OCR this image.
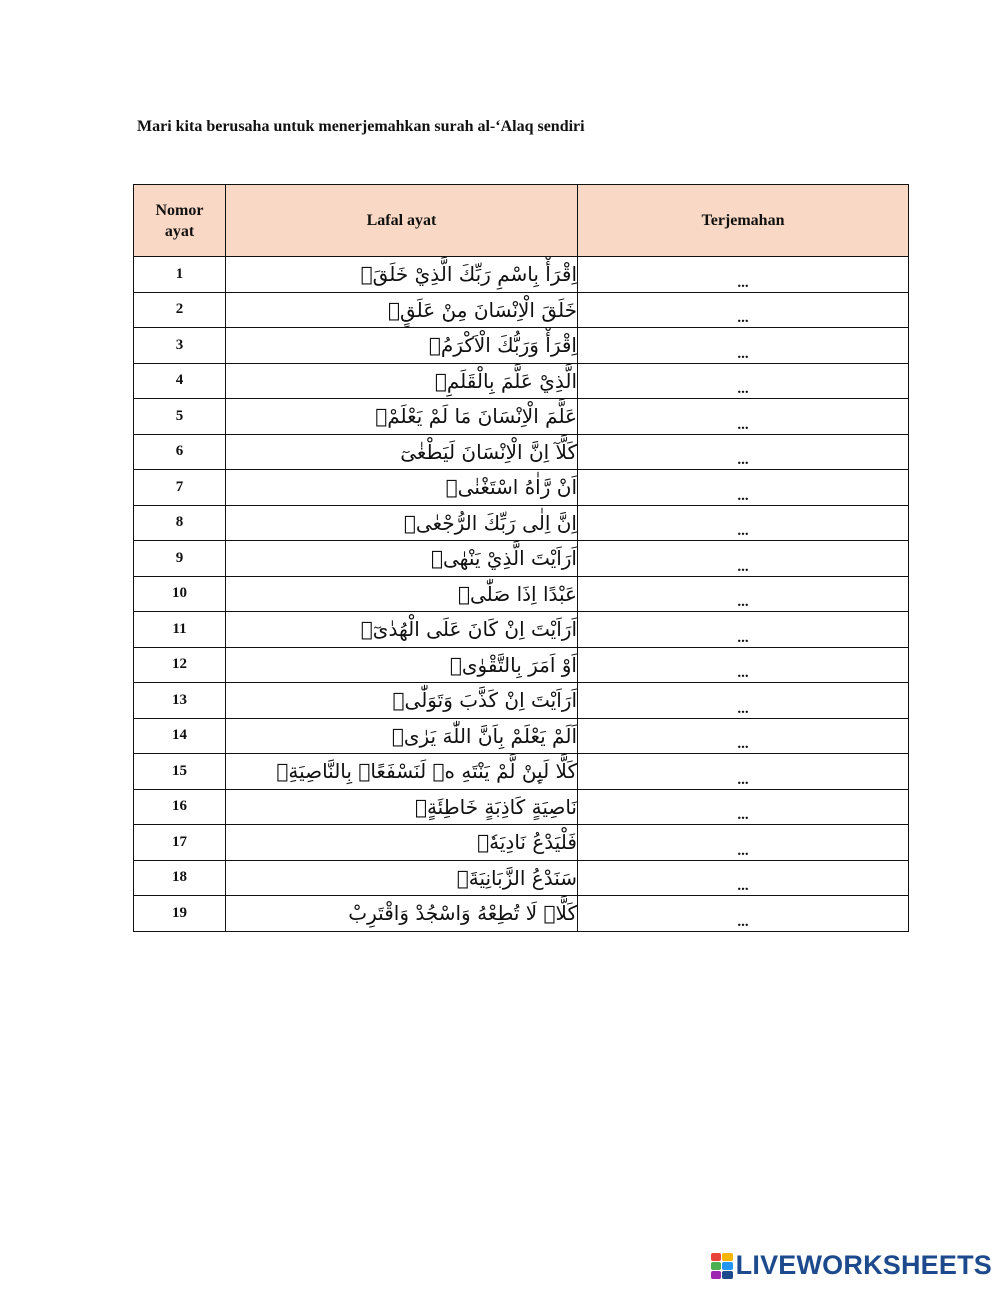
Mari kita berusaha untuk menerjemahkan surah al-‘Alaq sendiri
Nomor
ayat	Lafal ayat	Terjemahan
1	اِقْرَأْ بِاسْمِ رَبِّكَ الَّذِيْ خَلَقَۚ	...
2	خَلَقَ الْاِنْسَانَ مِنْ عَلَقٍۚ	...
3	اِقْرَأْ وَرَبُّكَ الْاَكْرَمُۙ	...
4	الَّذِيْ عَلَّمَ بِالْقَلَمِۙ	...
5	عَلَّمَ الْاِنْسَانَ مَا لَمْ يَعْلَمْۗ	...
6	كَلَّآ اِنَّ الْاِنْسَانَ لَيَطْغٰىٓ	...
7	اَنْ رَّاٰهُ اسْتَغْنٰىۗ	...
8	اِنَّ اِلٰى رَبِّكَ الرُّجْعٰىۗ	...
9	اَرَاَيْتَ الَّذِيْ يَنْهٰىۙ	...
10	عَبْدًا اِذَا صَلّٰىۗ	...
11	اَرَاَيْتَ اِنْ كَانَ عَلَى الْهُدٰىٓۙ	...
12	اَوْ اَمَرَ بِالتَّقْوٰىۗ	...
13	اَرَاَيْتَ اِنْ كَذَّبَ وَتَوَلّٰىۗ	...
14	اَلَمْ يَعْلَمْ بِاَنَّ اللّٰهَ يَرٰىۗ	...
15	كَلَّا لَىِٕنْ لَّمْ يَنْتَهِ ەۙ لَنَسْفَعًاۢ بِالنَّاصِيَةِۙ	...
16	نَاصِيَةٍ كَاذِبَةٍ خَاطِئَةٍۚ	...
17	فَلْيَدْعُ نَادِيَهٗۙ	...
18	سَنَدْعُ الزَّبَانِيَةَۙ	...
19	كَلَّاۗ لَا تُطِعْهُ وَاسْجُدْ وَاقْتَرِبْ	...
LIVEWORKSHEETS
